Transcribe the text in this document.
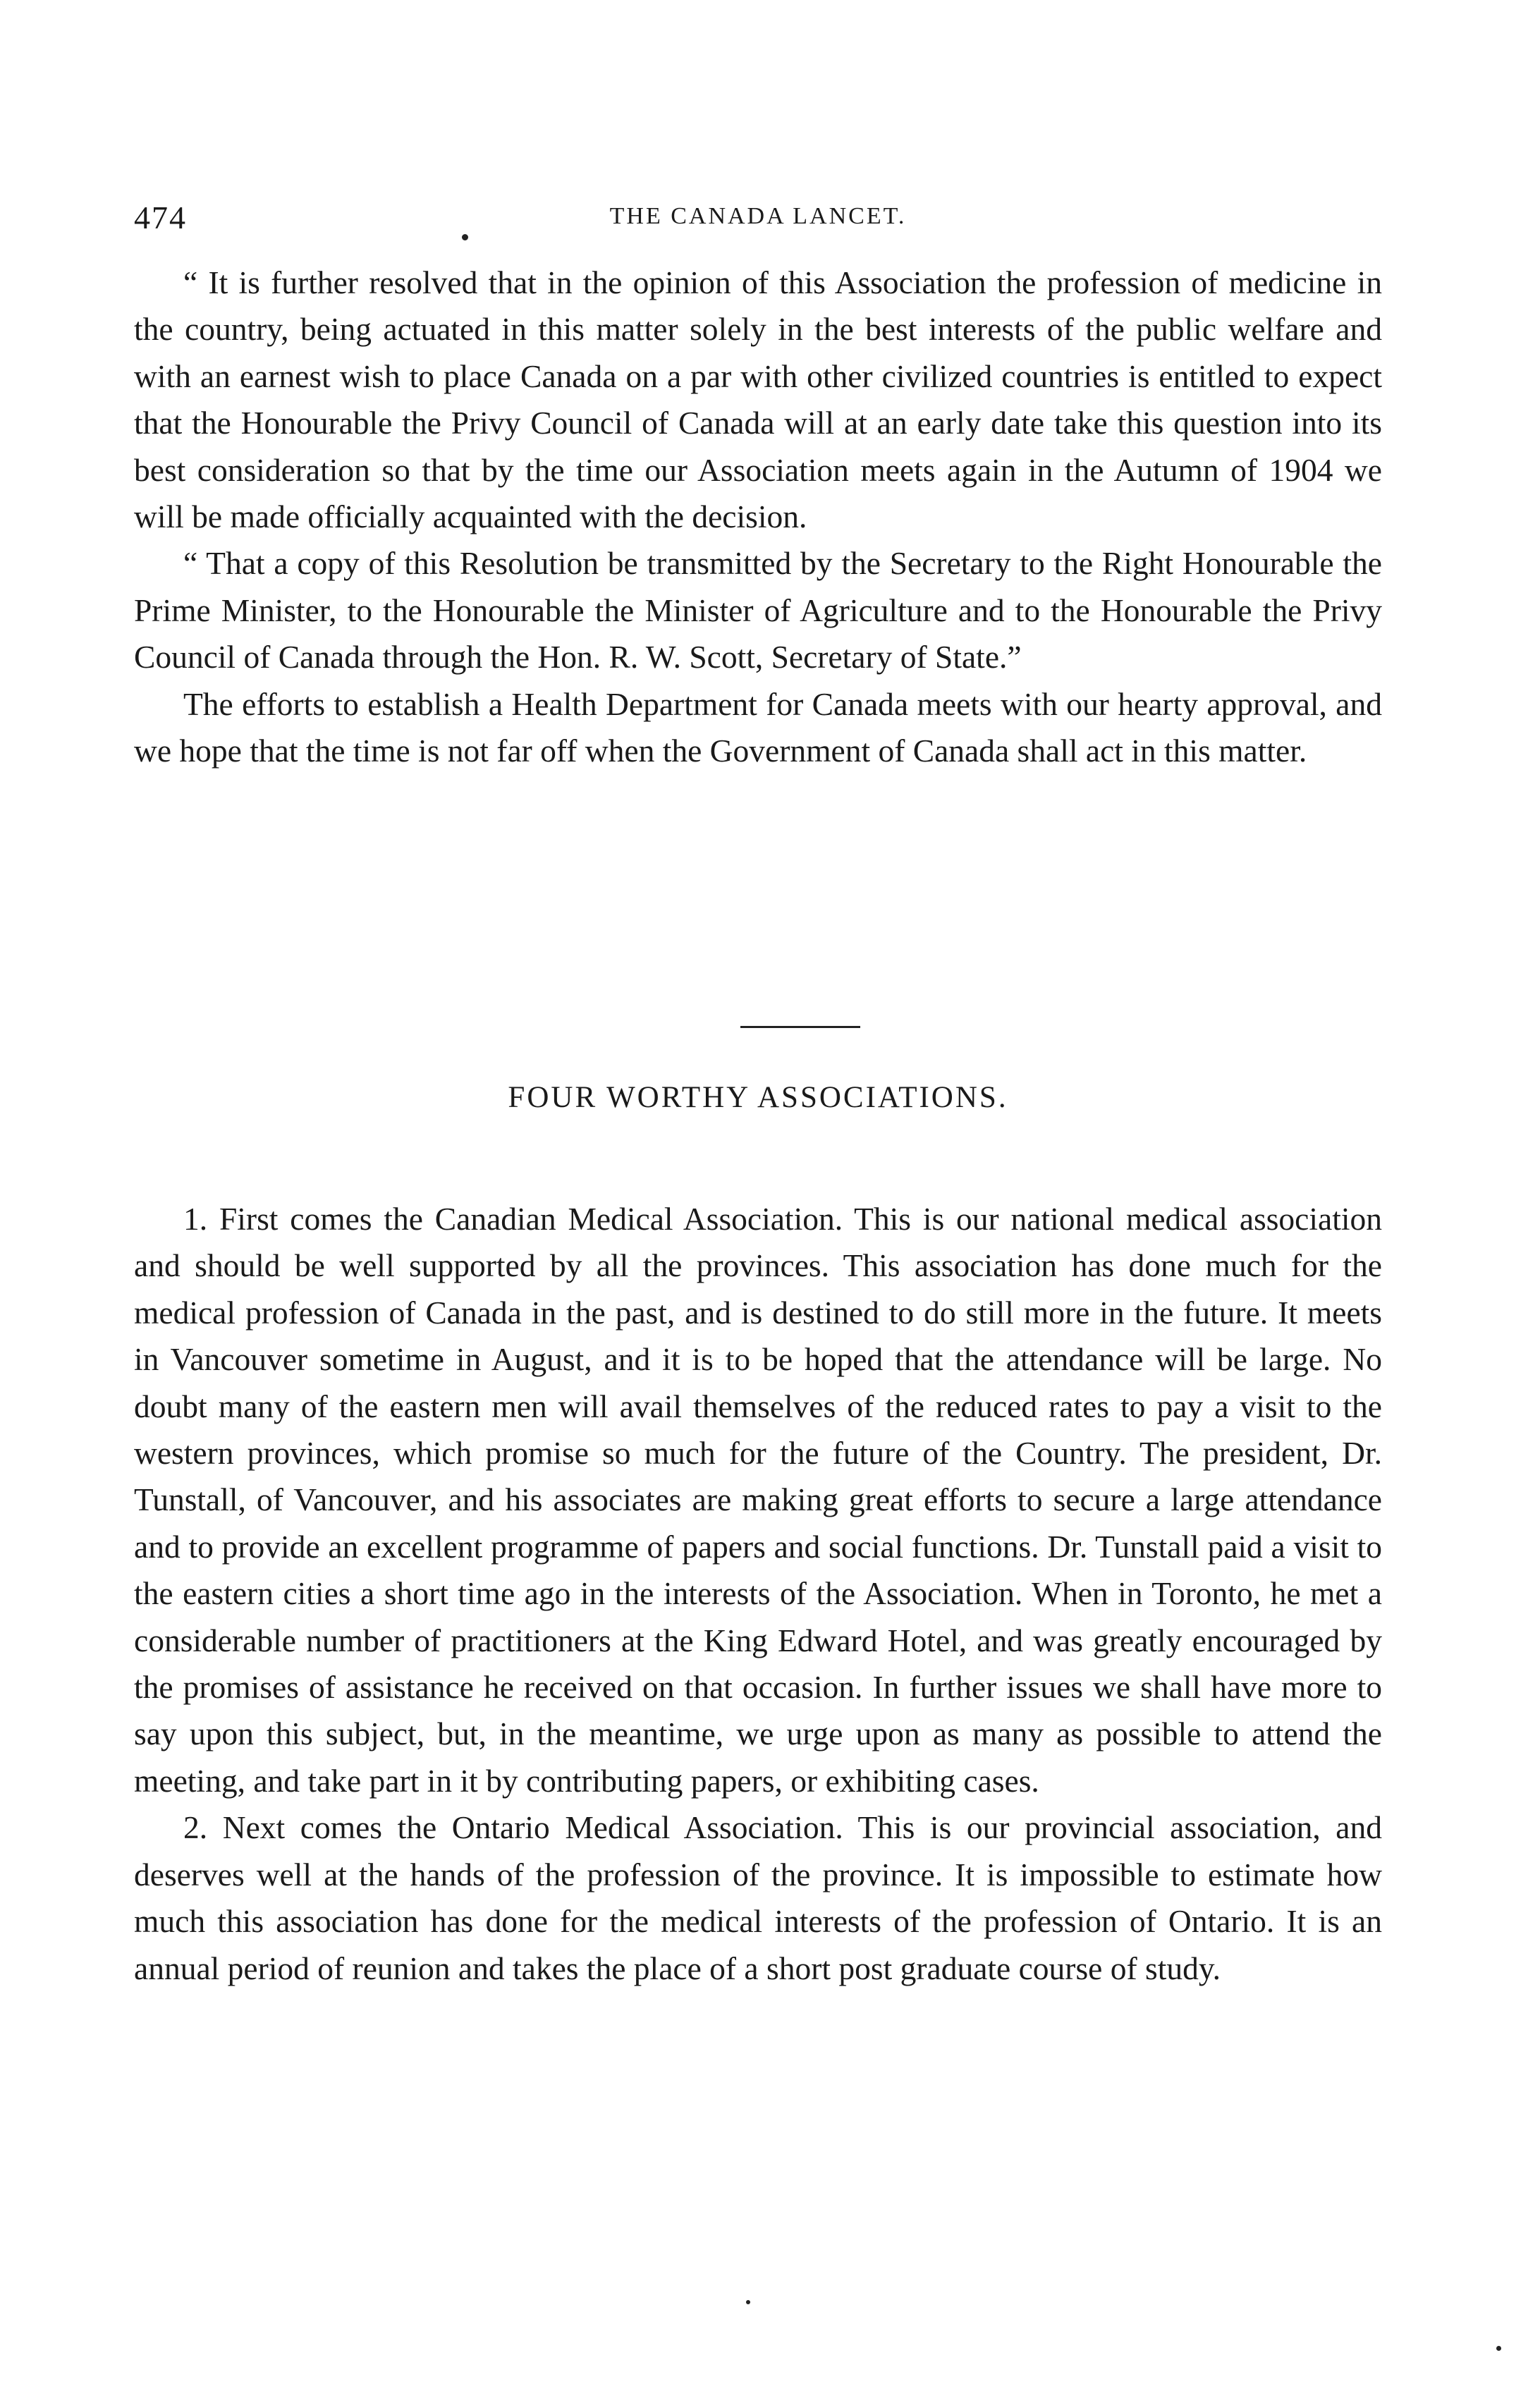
474	THE CANADA LANCET.

“ It is further resolved that in the opinion of this Association the profession of medicine in the country, being actuated in this matter solely in the best interests of the public welfare and with an earnest wish to place Canada on a par with other civilized countries is entitled to expect that the Honourable the Privy Council of Canada will at an early date take this question into its best consideration so that by the time our Association meets again in the Autumn of 1904 we will be made officially acquainted with the decision.

“ That a copy of this Resolution be transmitted by the Secretary to the Right Honourable the Prime Minister, to the Honourable the Minister of Agriculture and to the Honourable the Privy Council of Canada through the Hon. R. W. Scott, Secretary of State.”

The efforts to establish a Health Department for Canada meets with our hearty approval, and we hope that the time is not far off when the Government of Canada shall act in this matter.

FOUR WORTHY ASSOCIATIONS.

1. First comes the Canadian Medical Association. This is our national medical association and should be well supported by all the provinces. This association has done much for the medical profession of Canada in the past, and is destined to do still more in the future. It meets in Vancouver sometime in August, and it is to be hoped that the attendance will be large. No doubt many of the eastern men will avail themselves of the reduced rates to pay a visit to the western provinces, which promise so much for the future of the Country. The president, Dr. Tunstall, of Vancouver, and his associates are making great efforts to secure a large attendance and to provide an excellent programme of papers and social functions. Dr. Tunstall paid a visit to the eastern cities a short time ago in the interests of the Association. When in Toronto, he met a considerable number of practitioners at the King Edward Hotel, and was greatly encouraged by the promises of assistance he received on that occasion. In further issues we shall have more to say upon this subject, but, in the meantime, we urge upon as many as possible to attend the meeting, and take part in it by contributing papers, or exhibiting cases.

2. Next comes the Ontario Medical Association. This is our provincial association, and deserves well at the hands of the profession of the province. It is impossible to estimate how much this association has done for the medical interests of the profession of Ontario. It is an annual period of reunion and takes the place of a short post graduate course of study.
